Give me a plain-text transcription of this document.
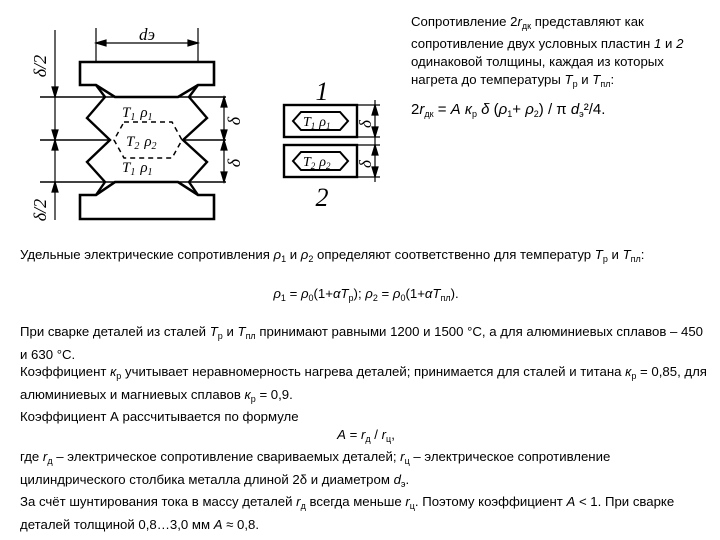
dэ
δ/2
δ/2
δ
δ
$T_1$ $\rho_1$
$T_2$ $\rho_2$
$T_1$ $\rho_1$
$T_1$ $\rho_1$
$T_2$ $\rho_2$
δ
δ
1
2

Сопротивление $2r_{дк}$ представляют как сопротивление двух условных пластин 1 и 2 одинаковой толщины, каждая из которых нагрета до температуры $T_р$ и $T_{пл}$:

$2r_{дк} = A$ $к_р$ δ $(\rho_1+ \rho_2) / \pi$ $d_э^2/4$.

Удельные электрические сопротивления $\rho_1$ и $\rho_2$ определяют соответственно для температур $T_р$ и $T_{пл}$:

$\rho_1 = \rho_0(1+\alpha T_р)$; $\rho_2 = \rho_0(1+\alpha T_{пл})$.

При сварке деталей из сталей $T_р$ и $T_{пл}$ принимают равными 1200 и 1500 °С, а для алюминиевых сплавов – 450 и 630 °С.

Коэффициент $к_р$ учитывает неравномерность нагрева деталей; принимается для сталей и титана $к_р = 0,85$, для алюминиевых и магниевых сплавов $к_р = 0,9$.

Коэффициент А рассчитывается по формуле

$A = r_д / r_ц$,

где $r_д$ – электрическое сопротивление свариваемых деталей; $r_ц$ – электрическое сопротивление цилиндрического столбика металла длиной 2δ и диаметром $d_э$.

За счёт шунтирования тока в массу деталей $r_д$ всегда меньше $r_ц$. Поэтому коэффициент A < 1. При сварке деталей толщиной 0,8…3,0 мм A ≈ 0,8.
